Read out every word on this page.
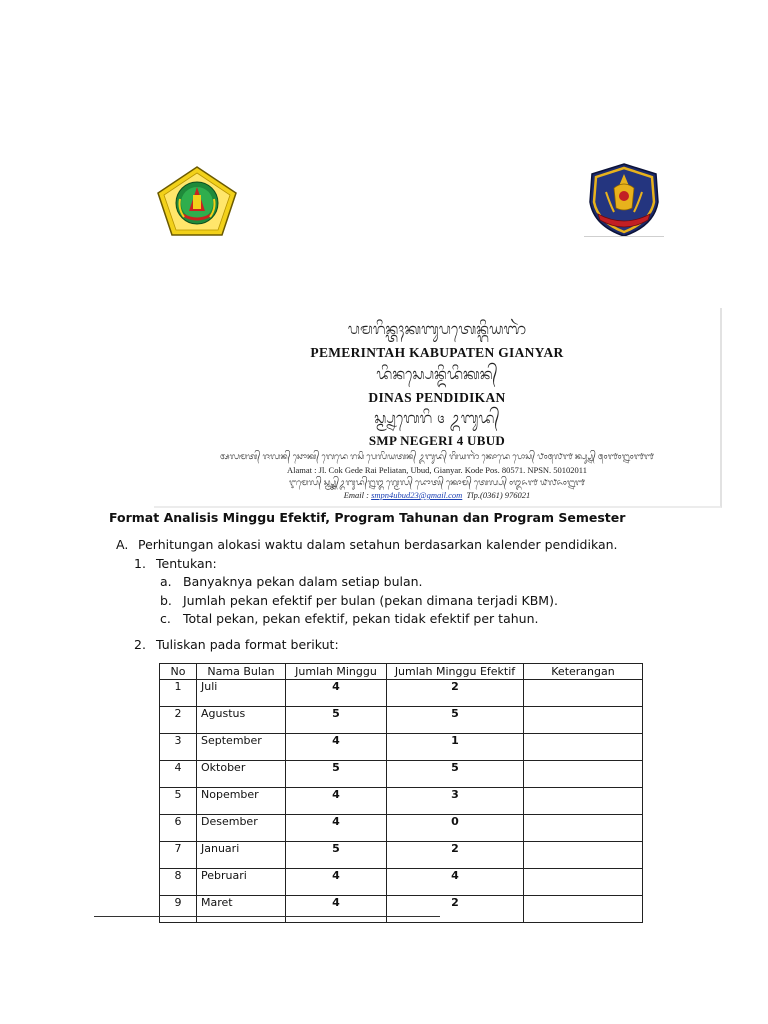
ᬧᬫᬭᬶᬦ᭄ᬢᬄᬓᬩᬸᬧᬢᬾᬦ᭄ᬕᬶᬬᬜᬃ
PEMERINTAH KABUPATEN GIANYAR
ᬤᬶᬦᬲ᭄ᬧᬾᬦ᭄ᬤᬶᬤᬶᬓᬦ᭄
DINAS PENDIDIKAN
ᬲ᭄ᬫ᭄ᬧ᭄ᬦᬕᬾᬭᬶ ᭔ ᬉᬩᬸᬤ᭄
SMP NEGERI 4 UBUD
ᬅᬮᬫᬢ᭄ ᬚᬮᬦ᭄ ᬘᭀᬓ᭄ ᬕᬾᬤᬾ ᬭᬲᬶ ᬧᬾᬮᬶᬬᬢᬦ᭄ ᬉᬩᬸᬤ᭄ ᬕᬶᬬᬜᬃ ᬓᭀᬤᬾ ᬧᭀᬲ᭄ ᭘᭐᭕᭗᭑ ᬦ᭄ᬧ᭄ᬲ᭄ᬦ᭄ ᭕᭐᭑᭐᭒᭐᭑᭑
Alamat : Jl. Cok Gede Rai Peliatan, Ubud, Gianyar. Kode Pos. 80571. NPSN. 50102011
ᬇᬫᬾᬮ᭄ ᬲ᭄ᬫ᭄ᬧ᭄ᬦ᭄ᬢ᭄ᬉᬩᬸᬤ᭄᭒᭓ ᬕ᭄ᬫᬾᬮ᭄ ᬤᭀᬢ᭄ ᬓᭀᬫ᭄ ᬢᬾᬮ᭄ᬧ᭄ ᭐᭓᭖᭑ ᭙᭗᭖᭐᭒᭑
Email : smpn4ubud23@gmail.com Tlp.(0361) 976021
Format Analisis Minggu Efektif, Program Tahunan dan Program Semester
A. Perhitungan alokasi waktu dalam setahun berdasarkan kalender pendidikan.
1. Tentukan:
a. Banyaknya pekan dalam setiap bulan.
b. Jumlah pekan efektif per bulan (pekan dimana terjadi KBM).
c. Total pekan, pekan efektif, pekan tidak efektif per tahun.
2. Tuliskan pada format berikut:
No	Nama Bulan	Jumlah Minggu	Jumlah Minggu Efektif	Keterangan
1	Juli	4	2	
2	Agustus	5	5	
3	September	4	1	
4	Oktober	5	5	
5	Nopember	4	3	
6	Desember	4	0	
7	Januari	5	2	
8	Pebruari	4	4	
9	Maret	4	2	
